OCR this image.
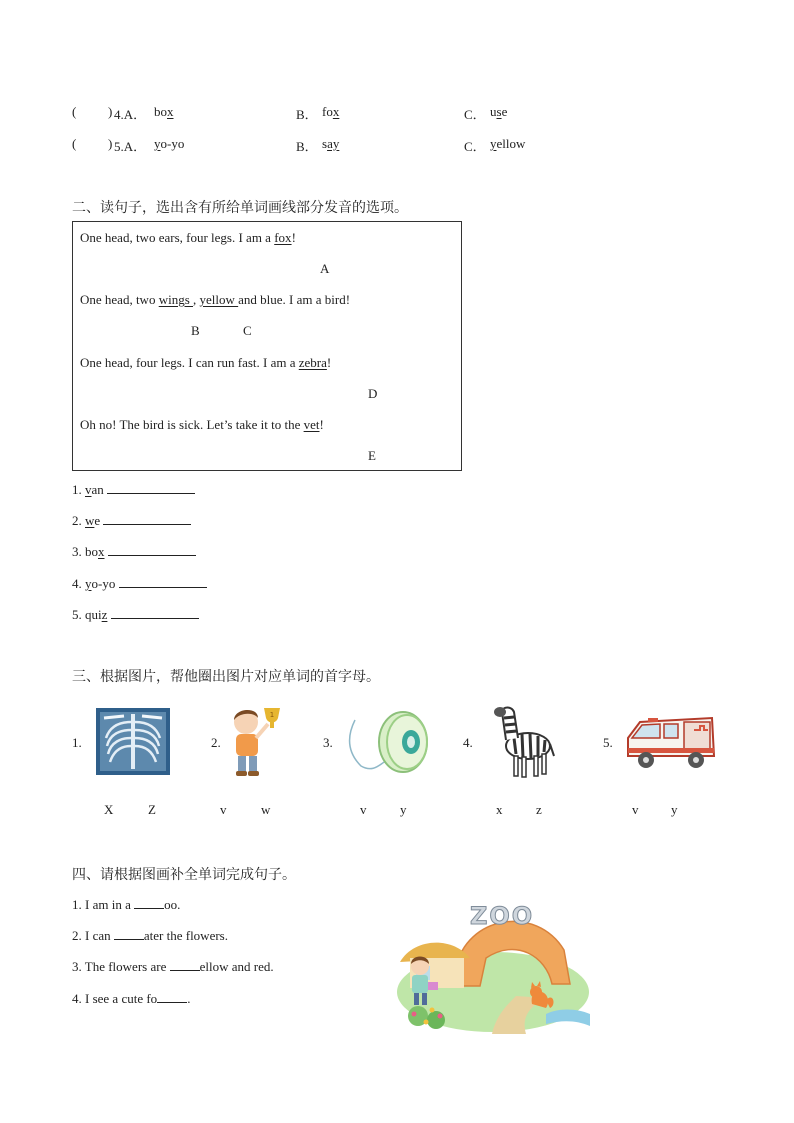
( ) 4.A． box	B． fox	C． use
( ) 5.A． yo-yo	B． say	C． yellow
二、读句子，选出含有所给单词画线部分发音的选项。
One head, two ears, four legs. I am a fox!
A
One head, two wings , yellow and blue. I am a bird!
B	C
One head, four legs. I can run fast. I am a zebra!
D
Oh no! The bird is sick. Let’s take it to the vet!
E
1. van
2. we
3. box
4. yo-yo
5. quiz
三、根据图片，帮他圈出图片对应单词的首字母。
1.
X	Z
2.
1
v	w
3.
v	y
4.
x	z
5.
v	y
四、请根据图画补全单词完成句子。
1. I am in a oo.
2. I can ater the flowers.
3. The flowers are ellow and red.
4. I see a cute fo .
ZOO
